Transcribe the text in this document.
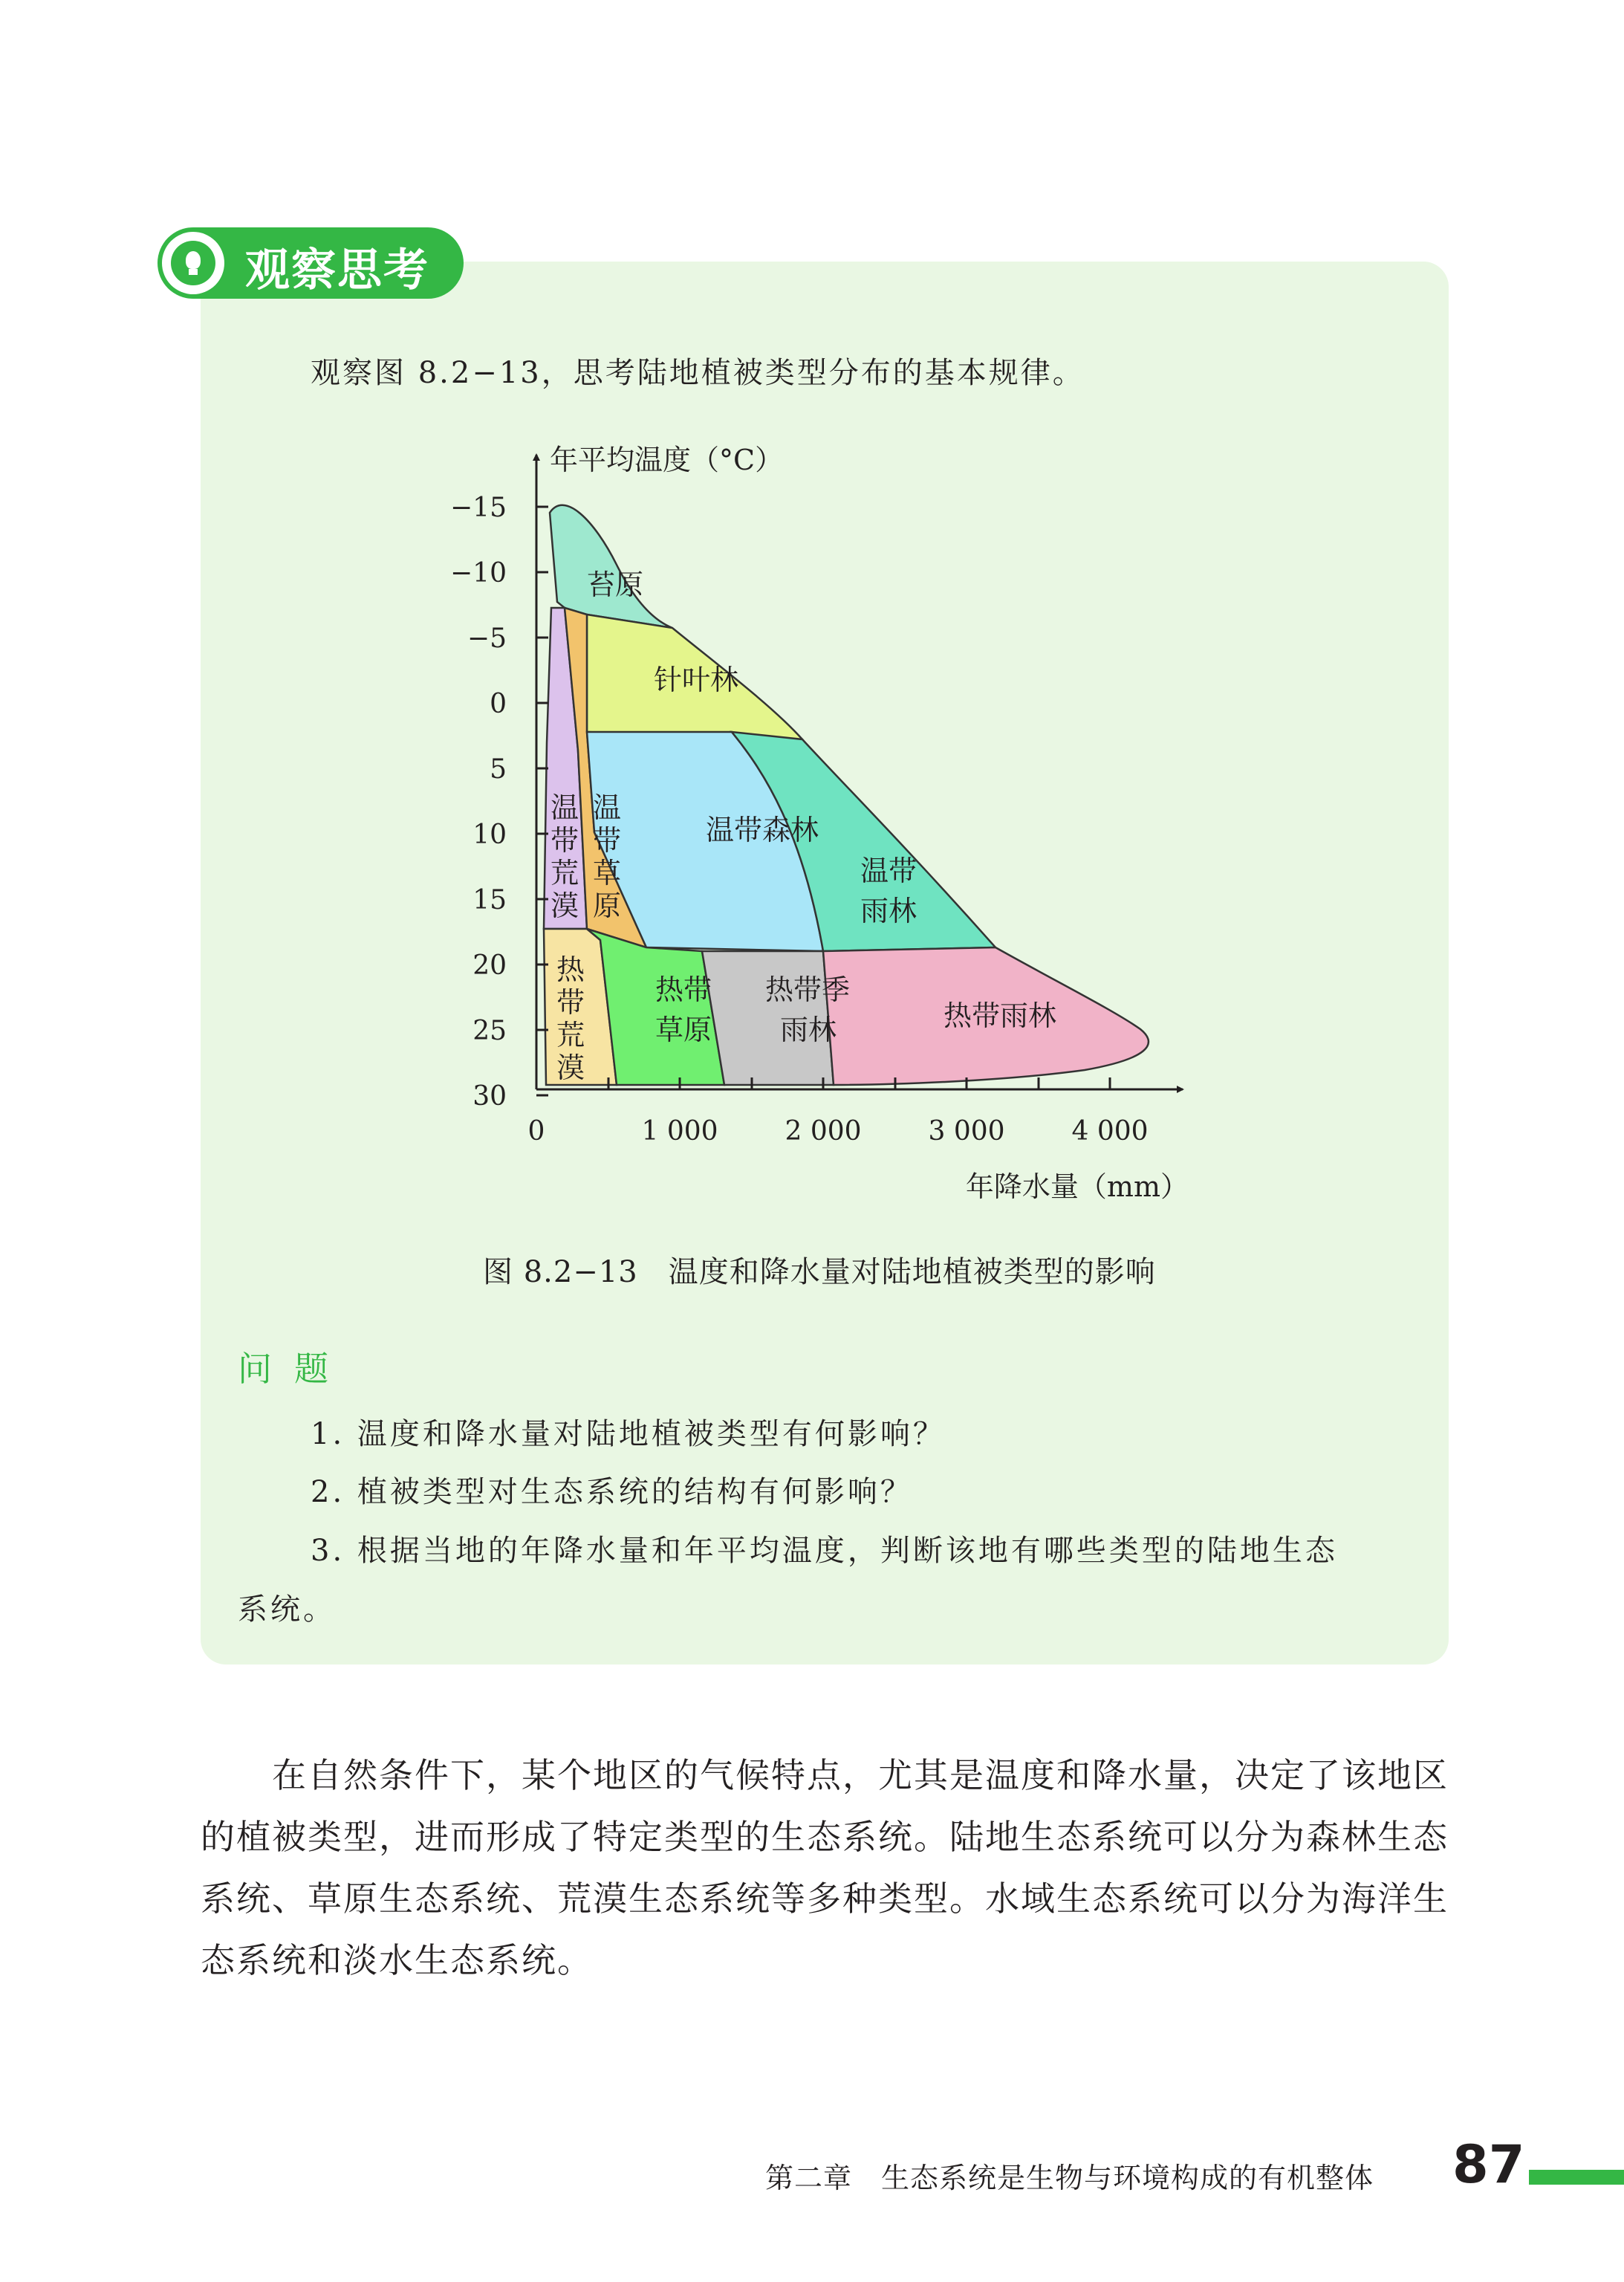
观察思考
观察图 8.2−13，思考陆地植被类型分布的基本规律。
−15
−10
−5
0
5
10
15
20
25
30
0	1 000 2 000 3 000 4 000
年平均温度（°C）
年降水量（mm）
苔原
针叶林
温带荒漠
温带草原
温带森林
温带雨林
热带荒漠
热带草原
热带季雨林	热带雨林
图 8.2−13　温度和降水量对陆地植被类型的影响
问题
1. 温度和降水量对陆地植被类型有何影响？
2. 植被类型对生态系统的结构有何影响？
3. 根据当地的年降水量和年平均温度，判断该地有哪些类型的陆地生态
系统。

在自然条件下，某个地区的气候特点，尤其是温度和降水量，决定了该地区的植被类型，进而形成了特定类型的生态系统。陆地生态系统可以分为森林生态系统、草原生态系统、荒漠生态系统等多种类型。水域生态系统可以分为海洋生态系统和淡水生态系统。

第二章　生态系统是生物与环境构成的有机整体 87
